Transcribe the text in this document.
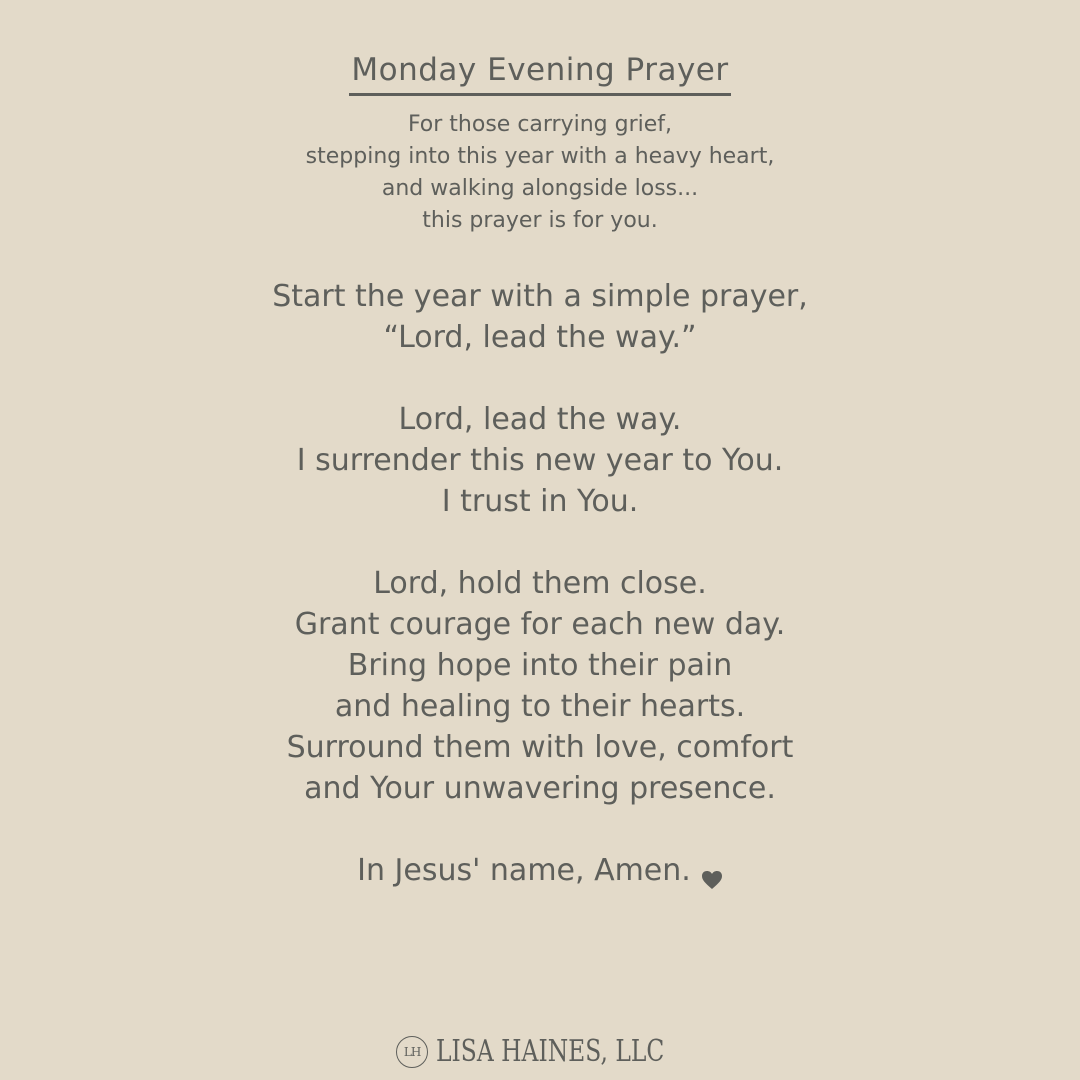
Monday Evening Prayer
For those carrying grief,
stepping into this year with a heavy heart,
and walking alongside loss...
this prayer is for you.
Start the year with a simple prayer,
“Lord, lead the way.”
Lord, lead the way.
I surrender this new year to You.
I trust in You.
Lord, hold them close.
Grant courage for each new day.
Bring hope into their pain
and healing to their hearts.
Surround them with love, comfort
and Your unwavering presence.
In Jesus' name, Amen.
LH LISA HAINES, LLC
